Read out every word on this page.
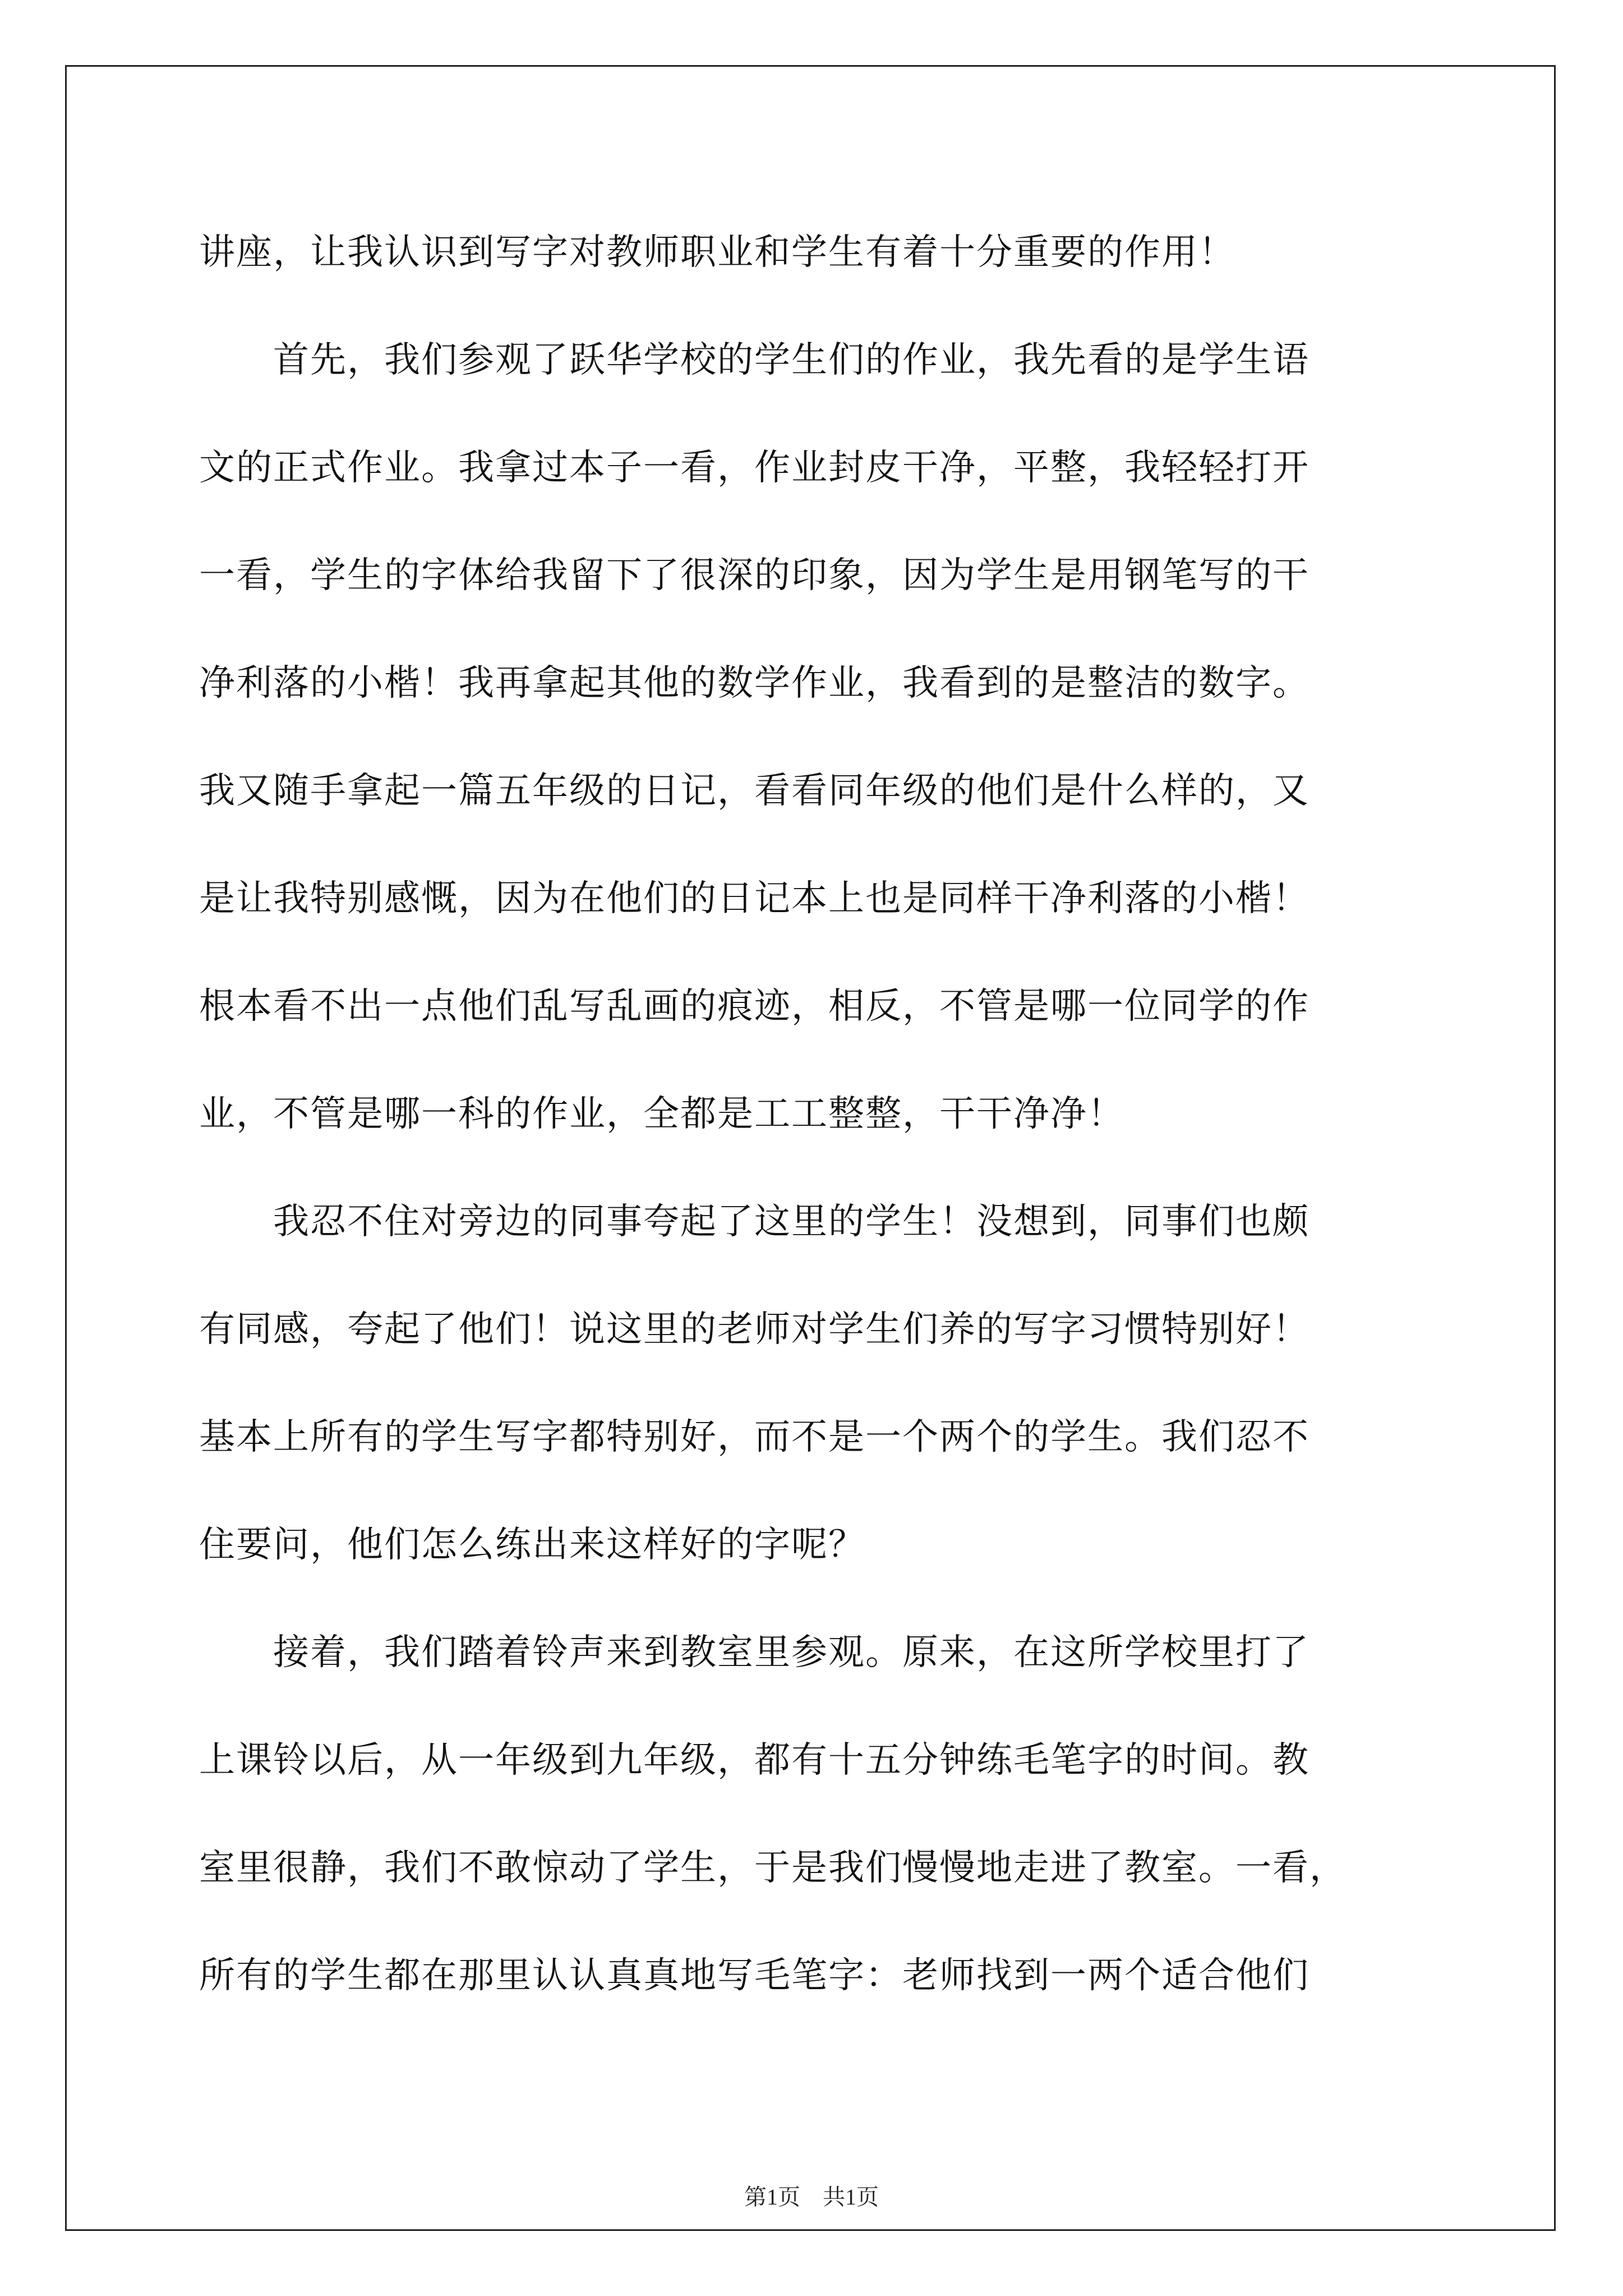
讲座，让我认识到写字对教师职业和学生有着十分重要的作用！
　　首先，我们参观了跃华学校的学生们的作业，我先看的是学生语
文的正式作业。我拿过本子一看，作业封皮干净，平整，我轻轻打开
一看，学生的字体给我留下了很深的印象，因为学生是用钢笔写的干
净利落的小楷！我再拿起其他的数学作业，我看到的是整洁的数字。
我又随手拿起一篇五年级的日记，看看同年级的他们是什么样的，又
是让我特别感慨，因为在他们的日记本上也是同样干净利落的小楷！
根本看不出一点他们乱写乱画的痕迹，相反，不管是哪一位同学的作
业，不管是哪一科的作业，全都是工工整整，干干净净！
　　我忍不住对旁边的同事夸起了这里的学生！没想到，同事们也颇
有同感，夸起了他们！说这里的老师对学生们养的写字习惯特别好！
基本上所有的学生写字都特别好，而不是一个两个的学生。我们忍不
住要问，他们怎么练出来这样好的字呢？
　　接着，我们踏着铃声来到教室里参观。原来，在这所学校里打了
上课铃以后，从一年级到九年级，都有十五分钟练毛笔字的时间。教
室里很静，我们不敢惊动了学生，于是我们慢慢地走进了教室。一看，
所有的学生都在那里认认真真地写毛笔字：老师找到一两个适合他们
第1页　共1页
